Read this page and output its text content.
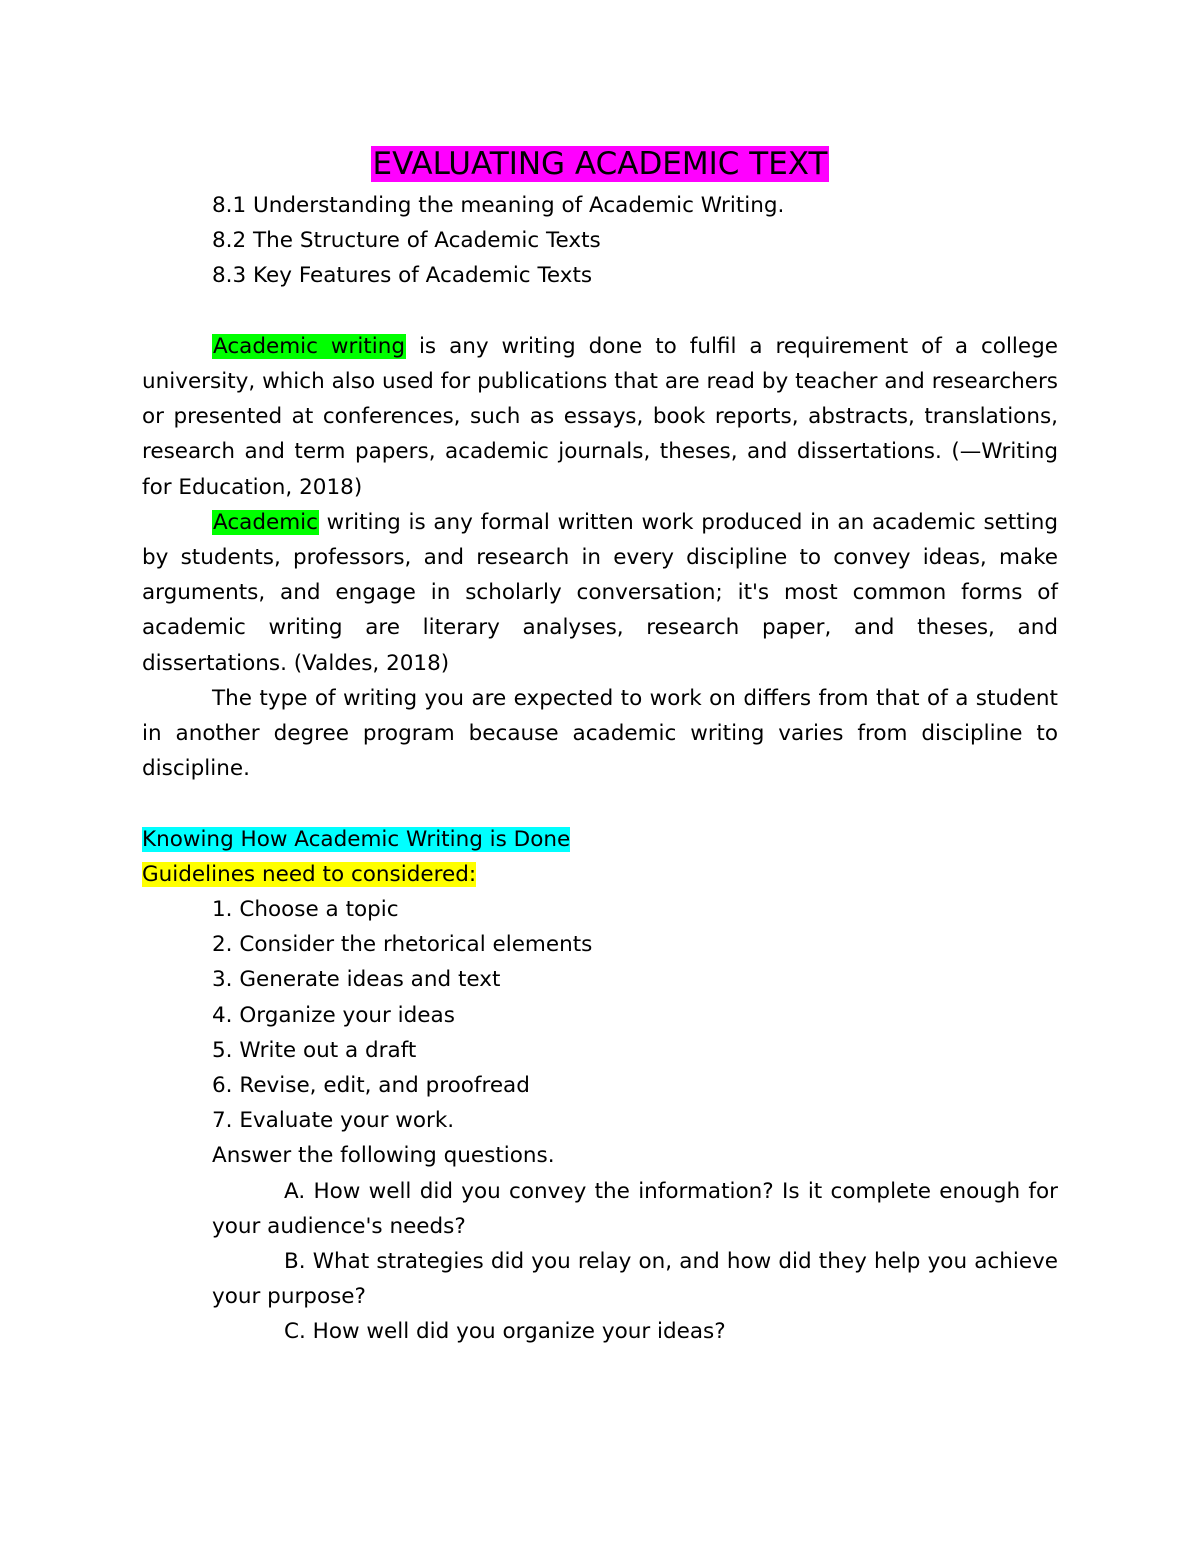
EVALUATING ACADEMIC TEXT
8.1 Understanding the meaning of Academic Writing.
8.2 The Structure of Academic Texts
8.3 Key Features of Academic Texts
Academic writing is any writing done to fulfil a requirement of a college university, which also used for publications that are read by teacher and researchers or presented at conferences, such as essays, book reports, abstracts, translations, research and term papers, academic journals, theses, and dissertations. (—Writing for Education, 2018)
Academic writing is any formal written work produced in an academic setting by students, professors, and research in every discipline to convey ideas, make arguments, and engage in scholarly conversation; it's most common forms of academic writing are literary analyses, research paper, and theses, and dissertations. (Valdes, 2018)
The type of writing you are expected to work on differs from that of a student in another degree program because academic writing varies from discipline to discipline.
Knowing How Academic Writing is Done
Guidelines need to considered:
1. Choose a topic
2. Consider the rhetorical elements
3. Generate ideas and text
4. Organize your ideas
5. Write out a draft
6. Revise, edit, and proofread
7. Evaluate your work.
Answer the following questions.
A. How well did you convey the information? Is it complete enough for your audience's needs?
B. What strategies did you relay on, and how did they help you achieve your purpose?
C. How well did you organize your ideas?
